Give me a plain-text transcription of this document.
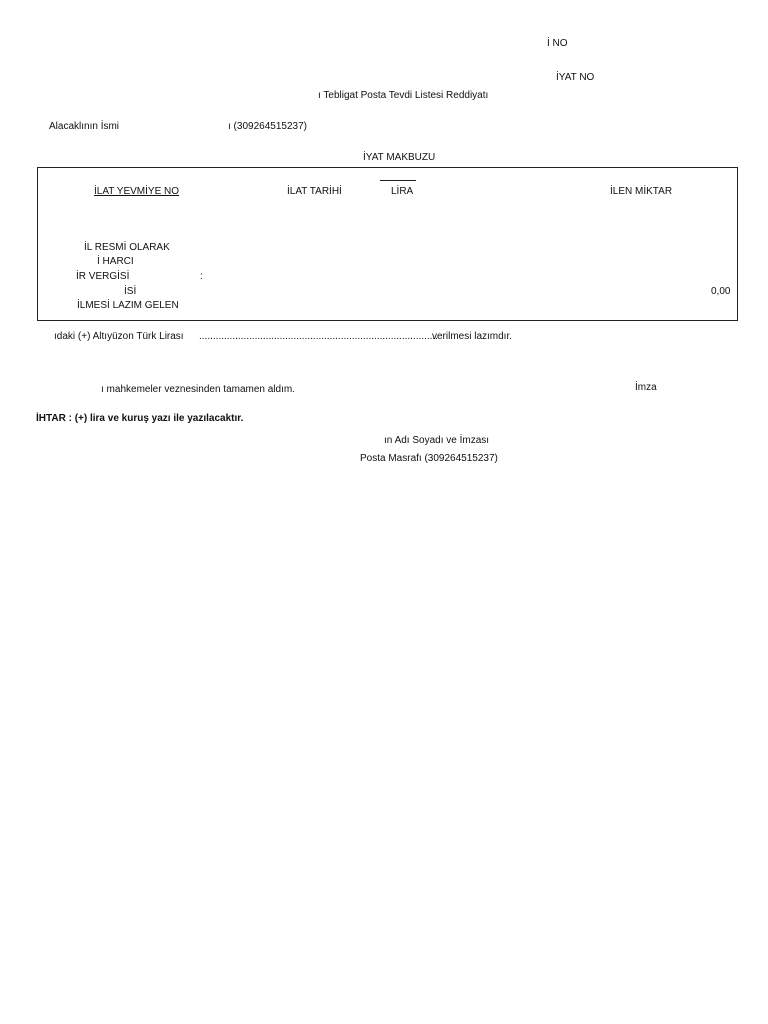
İ NO
İYAT NO
ı Tebligat Posta Tevdi Listesi Reddiyatı
Alacaklının İsmi	ı (309264515237)
İYAT MAKBUZU
İLAT YEVMİYE NO	İLAT TARİHİ	LİRA	İLEN MİKTAR
İL RESMİ OLARAK
İ HARCI
İR VERGİSİ	:
İSİ	0,00
İLMESİ LAZIM GELEN
ıdaki (+) Altıyüzon Türk Lirası ......................................................................................
verilmesi lazımdır.
ı mahkemeler veznesinden tamamen aldım.	İmza
İHTAR : (+) lira ve kuruş yazı ile yazılacaktır.
ın Adı Soyadı ve İmzası
Posta Masrafı (309264515237)
